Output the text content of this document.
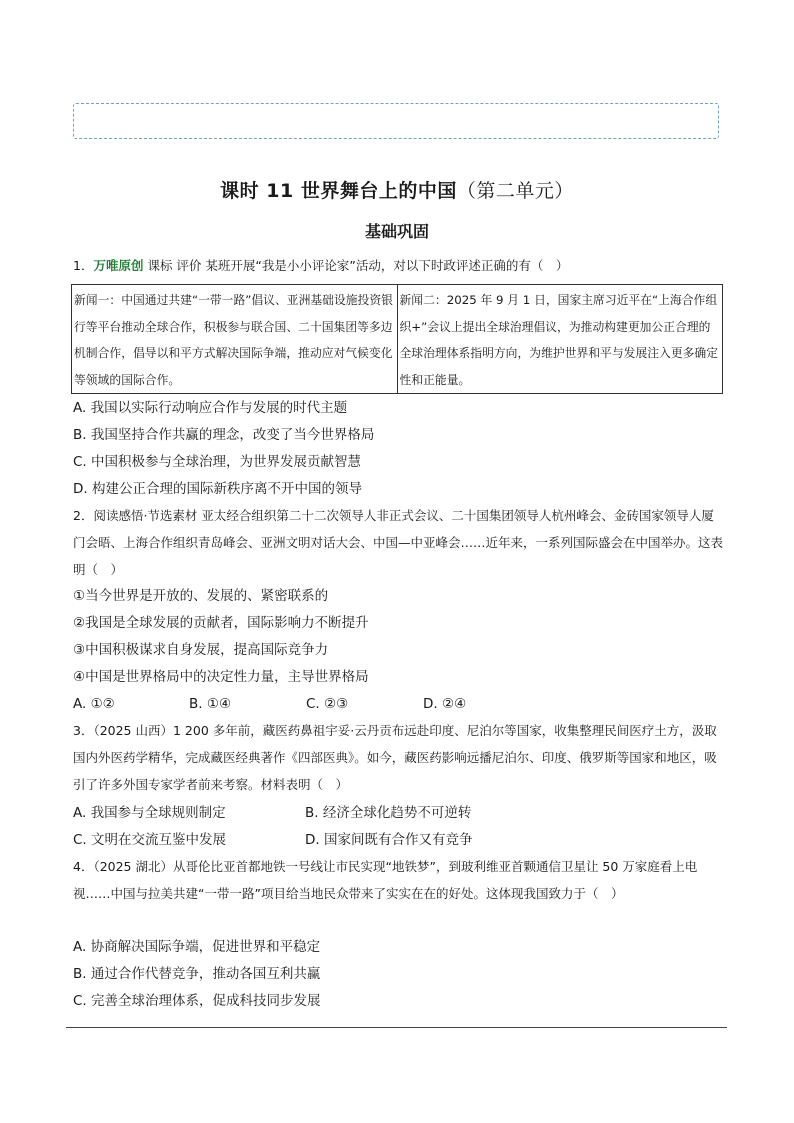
课时 11 世界舞台上的中国（第二单元）
基础巩固
1．万唯原创 课标 评价 某班开展“我是小小评论家”活动，对以下时政评述正确的有（　）
新闻一：中国通过共建“一带一路”倡议、亚洲基础设施投资银行等平台推动全球合作，积极参与联合国、二十国集团等多边机制合作，倡导以和平方式解决国际争端，推动应对气候变化等领域的国际合作。	新闻二：2025 年 9 月 1 日，国家主席习近平在“上海合作组织+”会议上提出全球治理倡议，为推动构建更加公正合理的全球治理体系指明方向，为维护世界和平与发展注入更多确定性和正能量。
A. 我国以实际行动响应合作与发展的时代主题
B. 我国坚持合作共赢的理念，改变了当今世界格局
C. 中国积极参与全球治理，为世界发展贡献智慧
D. 构建公正合理的国际新秩序离不开中国的领导
2．阅读感悟·节选素材 亚太经合组织第二十二次领导人非正式会议、二十国集团领导人杭州峰会、金砖国家领导人厦门会晤、上海合作组织青岛峰会、亚洲文明对话大会、中国—中亚峰会……近年来，一系列国际盛会在中国举办。这表明（　）
①当今世界是开放的、发展的、紧密联系的
②我国是全球发展的贡献者，国际影响力不断提升
③中国积极谋求自身发展，提高国际竞争力
④中国是世界格局中的决定性力量，主导世界格局
A. ①②	B. ①④	C. ②③	D. ②④
3．（2025 山西）1 200 多年前，藏医药鼻祖宇妥·云丹贡布远赴印度、尼泊尔等国家，收集整理民间医疗土方，汲取国内外医药学精华，完成藏医经典著作《四部医典》。如今，藏医药影响远播尼泊尔、印度、俄罗斯等国家和地区，吸引了许多外国专家学者前来考察。材料表明（　）
A. 我国参与全球规则制定	B. 经济全球化趋势不可逆转
C. 文明在交流互鉴中发展	D. 国家间既有合作又有竞争
4．（2025 湖北）从哥伦比亚首都地铁一号线让市民实现“地铁梦”，到玻利维亚首颗通信卫星让 50 万家庭看上电视……中国与拉美共建“一带一路”项目给当地民众带来了实实在在的好处。这体现我国致力于（　）
A. 协商解决国际争端，促进世界和平稳定
B. 通过合作代替竞争，推动各国互利共赢
C. 完善全球治理体系，促成科技同步发展
